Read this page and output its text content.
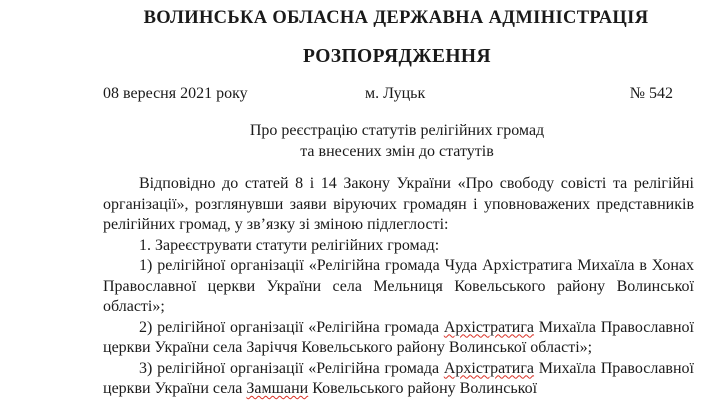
ВОЛИНСЬКА ОБЛАСНА ДЕРЖАВНА АДМІНІСТРАЦІЯ
РОЗПОРЯДЖЕННЯ
08 вересня 2021 року	м. Луцьк	№ 542
Про реєстрацію статутів релігійних громад
та внесених змін до статутів

Відповідно до статей 8 і 14 Закону України «Про свободу совісті та релігійні організації», розглянувши заяви віруючих громадян і уповноважених представників релігійних громад, у зв’язку зі зміною підлеглості:

1. Зареєструвати статути релігійних громад:

1) релігійної організації «Релігійна громада Чуда Архістратига Михаїла в Хонах Православної церкви України села Мельниця Ковельського району Волинської області»;

2) релігійної організації «Релігійна громада Архістратига Михаїла Православної церкви України села Заріччя Ковельського району Волинської області»;

3) релігійної організації «Релігійна громада Архістратига Михаїла Православної церкви України села Замшани Ковельського району Волинської
